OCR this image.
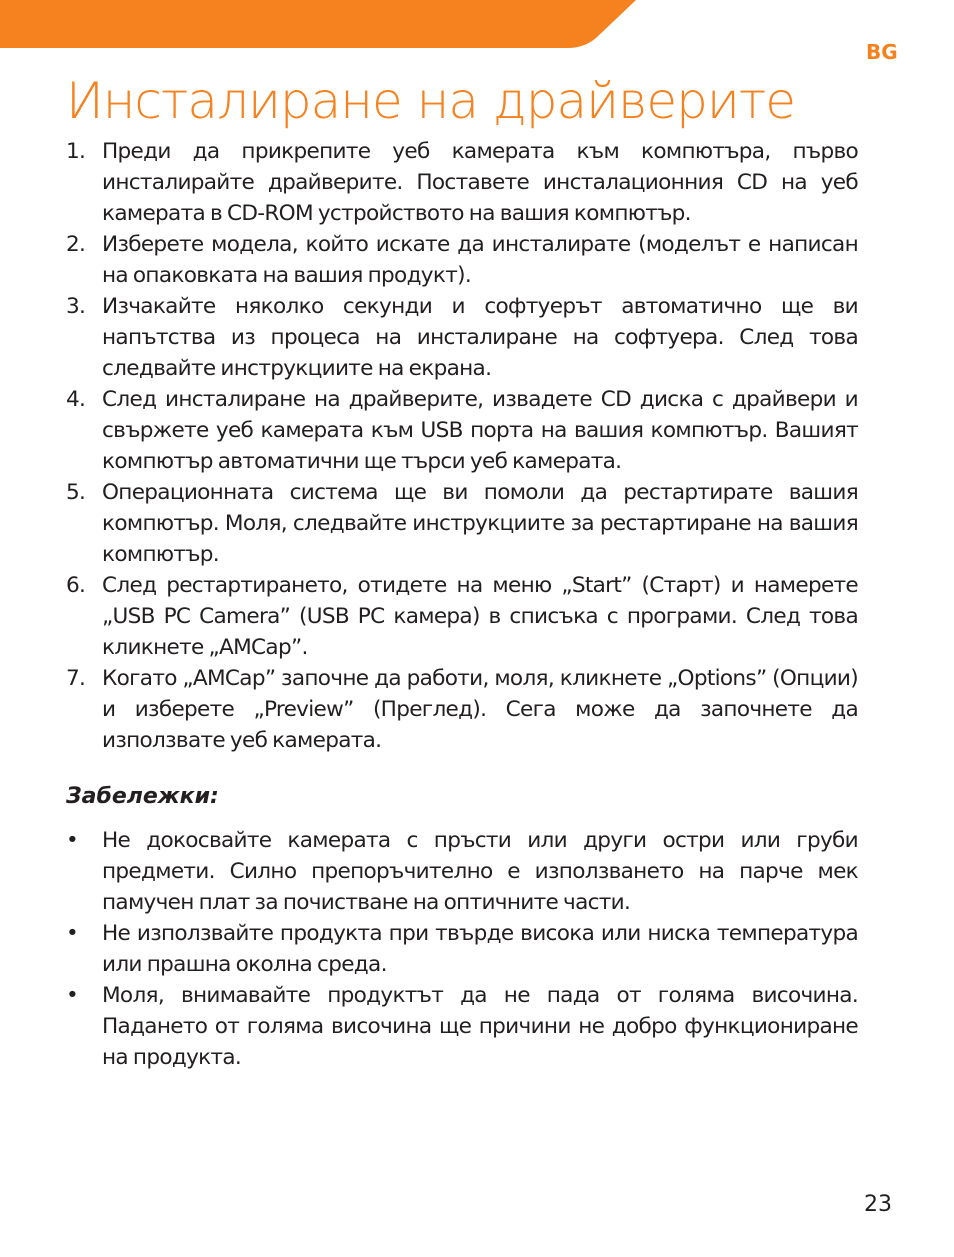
BG
Инсталиране на драйверите
1. Преди да прикрепите уеб камерата към компютъра, първо инсталирайте драйверите. Поставете инсталационния CD на уеб камерата в CD-ROM устройството на вашия компютър.
2. Изберете модела, който искате да инсталирате (моделът е написан на опаковката на вашия продукт).
3. Изчакайте няколко секунди и софтуерът автоматично ще ви напътства из процеса на инсталиране на софтуера. След това следвайте инструкциите на екрана.
4. След инсталиране на драйверите, извадете CD диска с драйвери и свържете уеб камерата към USB порта на вашия компютър. Вашият компютър автоматични ще търси уеб камерата.
5. Операционната система ще ви помоли да рестартирате вашия компютър. Моля, следвайте инструкциите за рестартиране на вашия компютър.
6. След рестартирането, отидете на меню „Start” (Старт) и намерете „USB PC Camera” (USB PC камера) в списъка с програми. След това кликнете „AMCap”.
7. Когато „AMCap” започне да работи, моля, кликнете „Options” (Опции) и изберете „Preview” (Преглед). Сега може да започнете да използвате уеб камерата.
Забележки:
• Не докосвайте камерата с пръсти или други остри или груби предмети. Силно препоръчително е използването на парче мек памучен плат за почистване на оптичните части.
• Не използвайте продукта при твърде висока или ниска температура или прашна околна среда.
• Моля, внимавайте продуктът да не пада от голяма височина. Падането от голяма височина ще причини не добро функциониране на продукта.
23
